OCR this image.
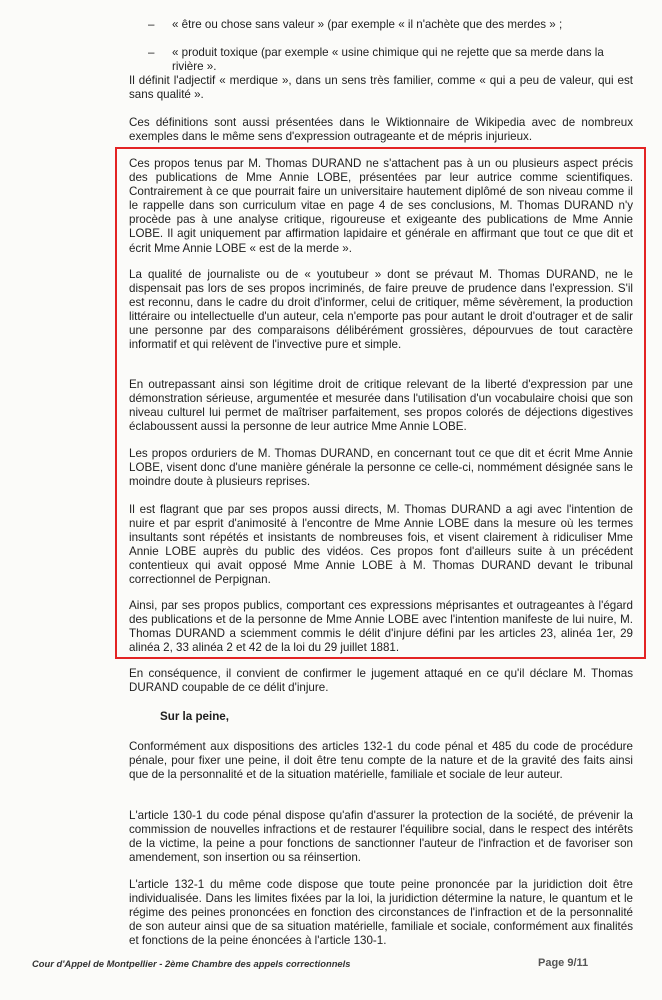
– « être ou chose sans valeur » (par exemple « il n'achète que des merdes » ;
– « produit toxique (par exemple « usine chimique qui ne rejette que sa merde dans la rivière ».

Il définit l'adjectif « merdique », dans un sens très familier, comme « qui a peu de valeur, qui est sans qualité ».

Ces définitions sont aussi présentées dans le Wiktionnaire de Wikipedia avec de nombreux exemples dans le même sens d'expression outrageante et de mépris injurieux.

Ces propos tenus par M. Thomas DURAND ne s'attachent pas à un ou plusieurs aspect précis des publications de Mme Annie LOBE, présentées par leur autrice comme scientifiques. Contrairement à ce que pourrait faire un universitaire hautement diplômé de son niveau comme il le rappelle dans son curriculum vitae en page 4 de ses conclusions, M. Thomas DURAND n'y procède pas à une analyse critique, rigoureuse et exigeante des publications de Mme Annie LOBE. Il agit uniquement par affirmation lapidaire et générale en affirmant que tout ce que dit et écrit Mme Annie LOBE « est de la merde ».

La qualité de journaliste ou de « youtubeur » dont se prévaut M. Thomas DURAND, ne le dispensait pas lors de ses propos incriminés, de faire preuve de prudence dans l'expression. S'il est reconnu, dans le cadre du droit d'informer, celui de critiquer, même sévèrement, la production littéraire ou intellectuelle d'un auteur, cela n'emporte pas pour autant le droit d'outrager et de salir une personne par des comparaisons délibérément grossières, dépourvues de tout caractère informatif et qui relèvent de l'invective pure et simple.

En outrepassant ainsi son légitime droit de critique relevant de la liberté d'expression par une démonstration sérieuse, argumentée et mesurée dans l'utilisation d'un vocabulaire choisi que son niveau culturel lui permet de maîtriser parfaitement, ses propos colorés de déjections digestives éclaboussent aussi la personne de leur autrice Mme Annie LOBE.

Les propos orduriers de M. Thomas DURAND, en concernant tout ce que dit et écrit Mme Annie LOBE, visent donc d'une manière générale la personne ce celle-ci, nommément désignée sans le moindre doute à plusieurs reprises.

Il est flagrant que par ses propos aussi directs, M. Thomas DURAND a agi avec l'intention de nuire et par esprit d'animosité à l'encontre de Mme Annie LOBE dans la mesure où les termes insultants sont répétés et insistants de nombreuses fois, et visent clairement à ridiculiser Mme Annie LOBE auprès du public des vidéos. Ces propos font d'ailleurs suite à un précédent contentieux qui avait opposé Mme Annie LOBE à M. Thomas DURAND devant le tribunal correctionnel de Perpignan.

Ainsi, par ses propos publics, comportant ces expressions méprisantes et outrageantes à l'égard des publications et de la personne de Mme Annie LOBE avec l'intention manifeste de lui nuire, M. Thomas DURAND a sciemment commis le délit d'injure défini par les articles 23, alinéa 1er, 29 alinéa 2, 33 alinéa 2 et 42 de la loi du 29 juillet 1881.

En conséquence, il convient de confirmer le jugement attaqué en ce qu'il déclare M. Thomas DURAND coupable de ce délit d'injure.

Sur la peine,

Conformément aux dispositions des articles 132-1 du code pénal et 485 du code de procédure pénale, pour fixer une peine, il doit être tenu compte de la nature et de la gravité des faits ainsi que de la personnalité et de la situation matérielle, familiale et sociale de leur auteur.

L'article 130-1 du code pénal dispose qu'afin d'assurer la protection de la société, de prévenir la commission de nouvelles infractions et de restaurer l'équilibre social, dans le respect des intérêts de la victime, la peine a pour fonctions de sanctionner l'auteur de l'infraction et de favoriser son amendement, son insertion ou sa réinsertion.

L'article 132-1 du même code dispose que toute peine prononcée par la juridiction doit être individualisée. Dans les limites fixées par la loi, la juridiction détermine la nature, le quantum et le régime des peines prononcées en fonction des circonstances de l'infraction et de la personnalité de son auteur ainsi que de sa situation matérielle, familiale et sociale, conformément aux finalités et fonctions de la peine énoncées à l'article 130-1.

Cour d'Appel de Montpellier - 2ème Chambre des appels correctionnels	Page 9/11
